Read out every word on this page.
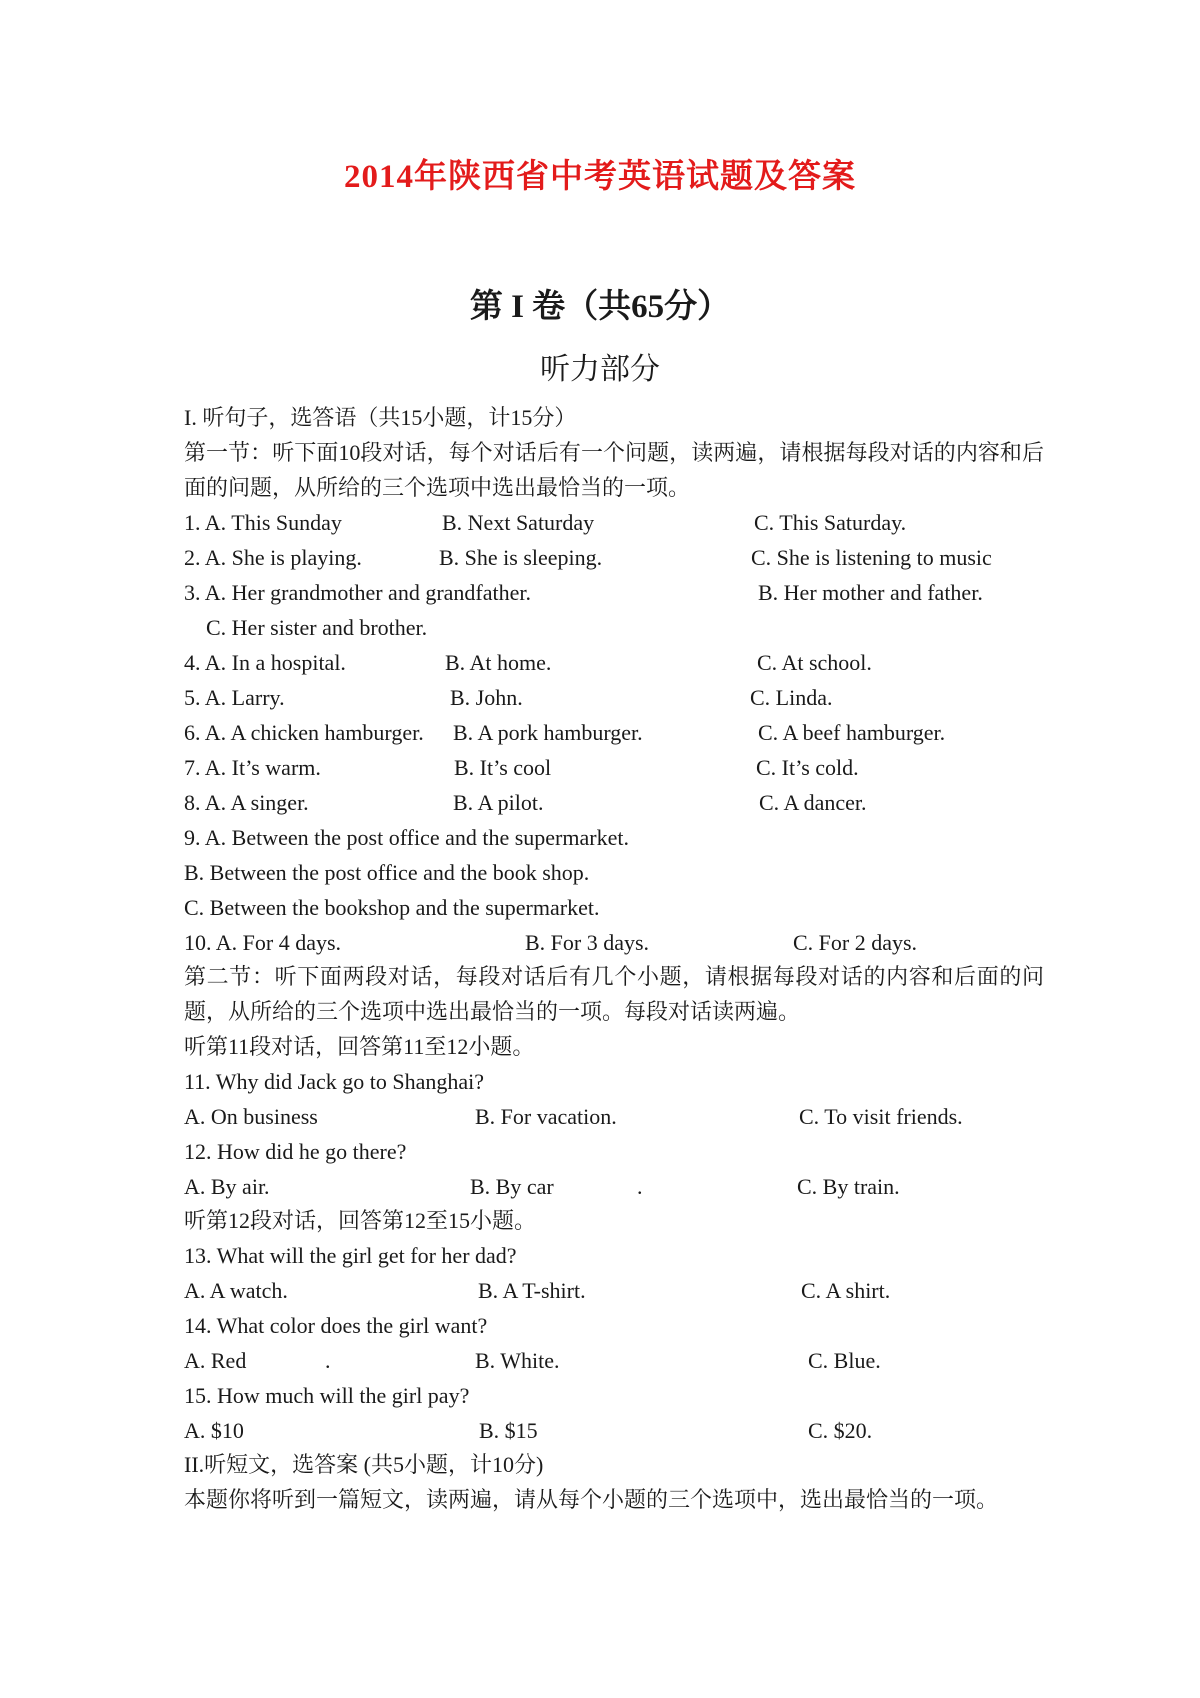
2014年陕西省中考英语试题及答案
第 I 卷（共65分）
听力部分
I. 听句子，选答语（共15小题，计15分）
第一节：听下面10段对话，每个对话后有一个问题，读两遍，请根据每段对话的内容和后面的问题，从所给的三个选项中选出最恰当的一项。
1. A. This Sunday	B. Next Saturday	C. This Saturday.
2. A. She is playing.	B. She is sleeping.	C. She is listening to music
3. A. Her grandmother and grandfather.	B. Her mother and father.
C. Her sister and brother.
4. A. In a hospital.	B. At home.	C. At school.
5. A. Larry.	B. John.	C. Linda.
6. A. A chicken hamburger. B. A pork hamburger.	C. A beef hamburger.
7. A. It’s warm.	B. It’s cool	C. It’s cold.
8. A. A singer.	B. A pilot.	C. A dancer.
9. A. Between the post office and the supermarket.
B. Between the post office and the book shop.
C. Between the bookshop and the supermarket.
10. A. For 4 days.	B. For 3 days.	C. For 2 days.
第二节：听下面两段对话，每段对话后有几个小题，请根据每段对话的内容和后面的问题，从所给的三个选项中选出最恰当的一项。每段对话读两遍。
听第11段对话，回答第11至12小题。
11. Why did Jack go to Shanghai?
A. On business	B. For vacation.	C. To visit friends.
12. How did he go there?
A. By air.	B. By car	.	C. By train.
听第12段对话，回答第12至15小题。
13. What will the girl get for her dad?
A. A watch.	B. A T-shirt.	C. A shirt.
14. What color does the girl want?
A. Red	.	B. White.	C. Blue.
15. How much will the girl pay?
A. $10	B. $15	C. $20.
II.听短文，选答案 (共5小题，计10分)
本题你将听到一篇短文，读两遍，请从每个小题的三个选项中，选出最恰当的一项。
